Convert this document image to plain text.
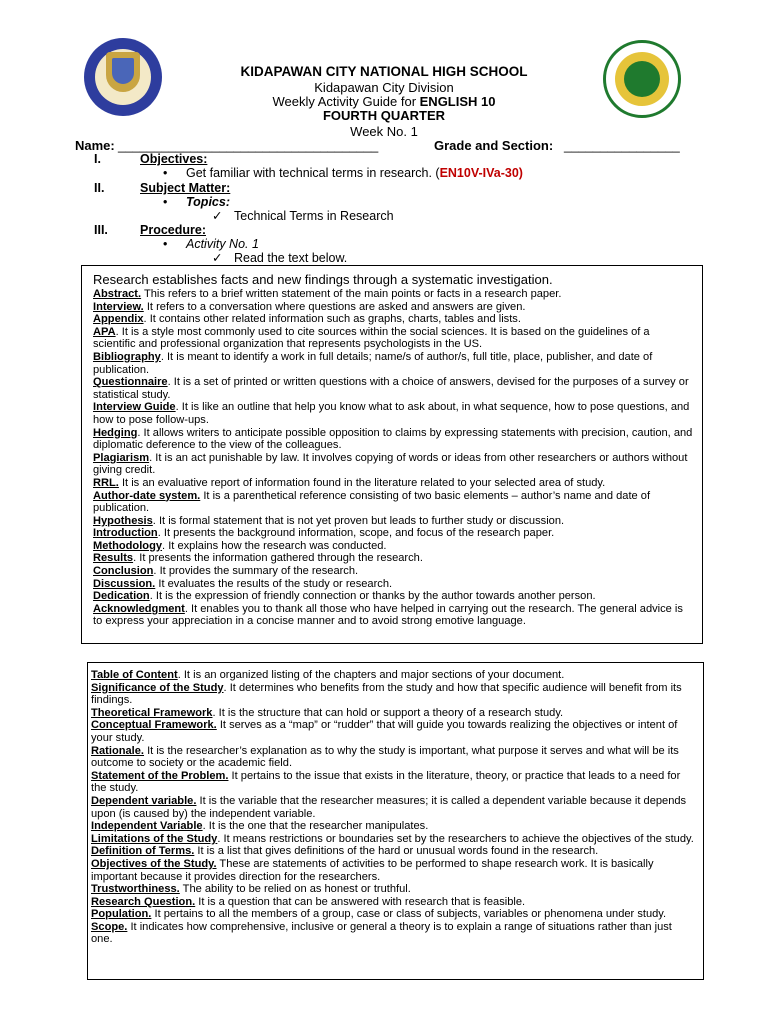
KIDAPAWAN CITY NATIONAL HIGH SCHOOL
Kidapawan City Division
Weekly Activity Guide for ENGLISH 10
FOURTH QUARTER
Week No. 1
Name: ____________________________________	Grade and Section: ________________
I.	Objectives:
• Get familiar with technical terms in research. (EN10V-IVa-30)
II.	Subject Matter:
• Topics:
✓ Technical Terms in Research
III.	Procedure:
• Activity No. 1
✓ Read the text below.
Research establishes facts and new findings through a systematic investigation.

Abstract. This refers to a brief written statement of the main points or facts in a research paper.

Interview. It refers to a conversation where questions are asked and answers are given.

Appendix. It contains other related information such as graphs, charts, tables and lists.

APA. It is a style most commonly used to cite sources within the social sciences. It is based on the guidelines of a scientific and professional organization that represents psychologists in the US.

Bibliography. It is meant to identify a work in full details; name/s of author/s, full title, place, publisher, and date of publication.

Questionnaire. It is a set of printed or written questions with a choice of answers, devised for the purposes of a survey or statistical study.

Interview Guide. It is like an outline that help you know what to ask about, in what sequence, how to pose questions, and how to pose follow-ups.

Hedging. It allows writers to anticipate possible opposition to claims by expressing statements with precision, caution, and diplomatic deference to the view of the colleagues.

Plagiarism. It is an act punishable by law. It involves copying of words or ideas from other researchers or authors without giving credit.

RRL. It is an evaluative report of information found in the literature related to your selected area of study.

Author-date system. It is a parenthetical reference consisting of two basic elements – author’s name and date of publication.

Hypothesis. It is formal statement that is not yet proven but leads to further study or discussion.

Introduction. It presents the background information, scope, and focus of the research paper.

Methodology. It explains how the research was conducted.

Results. It presents the information gathered through the research.

Conclusion. It provides the summary of the research.

Discussion. It evaluates the results of the study or research.

Dedication. It is the expression of friendly connection or thanks by the author towards another person.

Acknowledgment. It enables you to thank all those who have helped in carrying out the research. The general advice is to express your appreciation in a concise manner and to avoid strong emotive language.

Table of Content. It is an organized listing of the chapters and major sections of your document.

Significance of the Study. It determines who benefits from the study and how that specific audience will benefit from its findings.

Theoretical Framework. It is the structure that can hold or support a theory of a research study.

Conceptual Framework. It serves as a “map” or “rudder” that will guide you towards realizing the objectives or intent of your study.

Rationale. It is the researcher’s explanation as to why the study is important, what purpose it serves and what will be its outcome to society or the academic field.

Statement of the Problem. It pertains to the issue that exists in the literature, theory, or practice that leads to a need for the study.

Dependent variable. It is the variable that the researcher measures; it is called a dependent variable because it depends upon (is caused by) the independent variable.

Independent Variable. It is the one that the researcher manipulates.

Limitations of the Study. It means restrictions or boundaries set by the researchers to achieve the objectives of the study.

Definition of Terms. It is a list that gives definitions of the hard or unusual words found in the research.

Objectives of the Study. These are statements of activities to be performed to shape research work. It is basically important because it provides direction for the researchers.

Trustworthiness. The ability to be relied on as honest or truthful.

Research Question. It is a question that can be answered with research that is feasible.

Population. It pertains to all the members of a group, case or class of subjects, variables or phenomena under study.

Scope. It indicates how comprehensive, inclusive or general a theory is to explain a range of situations rather than just one.
